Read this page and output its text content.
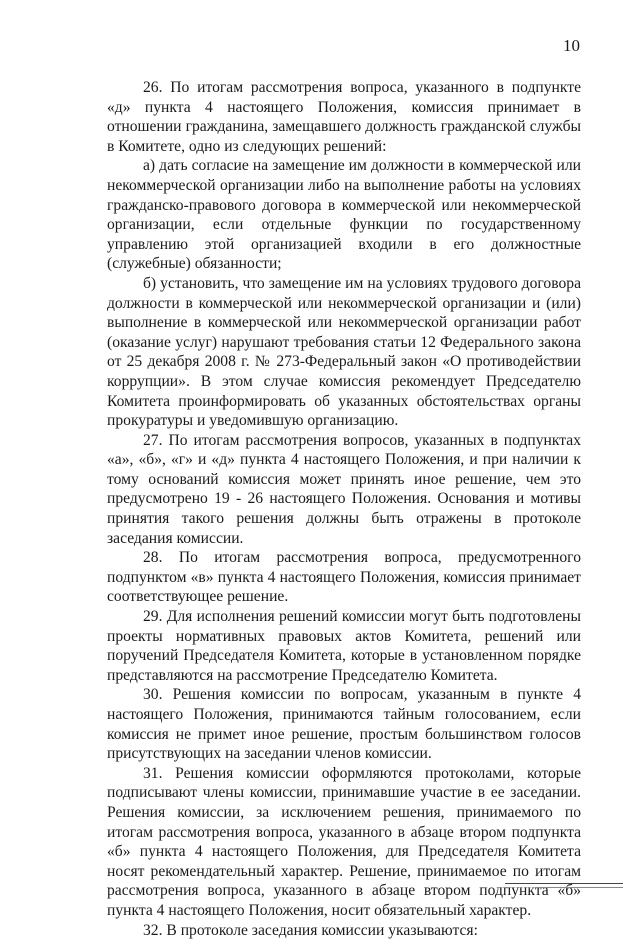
10

26. По итогам рассмотрения вопроса, указанного в подпункте «д» пункта 4 настоящего Положения, комиссия принимает в отношении гражданина, замещавшего должность гражданской службы в Комитете, одно из следующих решений:

а) дать согласие на замещение им должности в коммерческой или некоммерческой организации либо на выполнение работы на условиях гражданско-правового договора в коммерческой или некоммерческой организации, если отдельные функции по государственному управлению этой организацией входили в его должностные (служебные) обязанности;

б) установить, что замещение им на условиях трудового договора должности в коммерческой или некоммерческой организации и (или) выполнение в коммерческой или некоммерческой организации работ (оказание услуг) нарушают требования статьи 12 Федерального закона от 25 декабря 2008 г. № 273-Федеральный закон «О противодействии коррупции». В этом случае комиссия рекомендует Председателю Комитета проинформировать об указанных обстоятельствах органы прокуратуры и уведомившую организацию.

27. По итогам рассмотрения вопросов, указанных в подпунктах «а», «б», «г» и «д» пункта 4 настоящего Положения, и при наличии к тому оснований комиссия может принять иное решение, чем это предусмотрено 19 - 26 настоящего Положения. Основания и мотивы принятия такого решения должны быть отражены в протоколе заседания комиссии.

28. По итогам рассмотрения вопроса, предусмотренного подпунктом «в» пункта 4 настоящего Положения, комиссия принимает соответствующее решение.

29. Для исполнения решений комиссии могут быть подготовлены проекты нормативных правовых актов Комитета, решений или поручений Председателя Комитета, которые в установленном порядке представляются на рассмотрение Председателю Комитета.

30. Решения комиссии по вопросам, указанным в пункте 4 настоящего Положения, принимаются тайным голосованием, если комиссия не примет иное решение, простым большинством голосов присутствующих на заседании членов комиссии.

31. Решения комиссии оформляются протоколами, которые подписывают члены комиссии, принимавшие участие в ее заседании. Решения комиссии, за исключением решения, принимаемого по итогам рассмотрения вопроса, указанного в абзаце втором подпункта «б» пункта 4 настоящего Положения, для Председателя Комитета носят рекомендательный характер. Решение, принимаемое по итогам рассмотрения вопроса, указанного в абзаце втором подпункта «б» пункта 4 настоящего Положения, носит обязательный характер.

32. В протоколе заседания комиссии указываются:
